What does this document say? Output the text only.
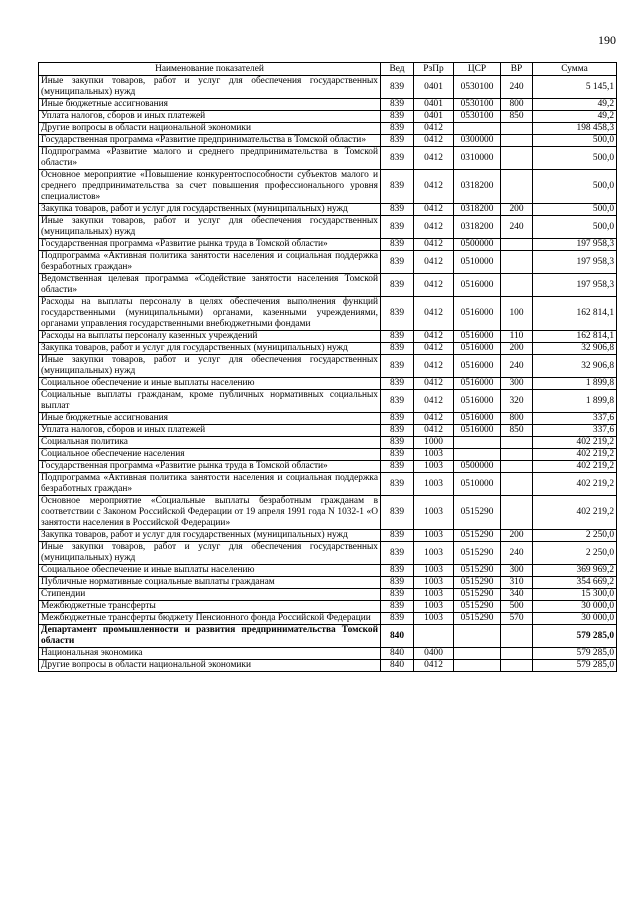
190
Наименование показателей	Вед	РзПр	ЦСР	ВР	Сумма
Иные закупки товаров, работ и услуг для обеспечения государственных (муниципальных) нужд	839	0401	0530100	240	5 145,1
Иные бюджетные ассигнования	839	0401	0530100	800	49,2
Уплата налогов, сборов и иных платежей	839	0401	0530100	850	49,2
Другие вопросы в области национальной экономики	839	0412			198 458,3
Государственная программа «Развитие предпринимательства в Томской области»	839	0412	0300000		500,0
Подпрограмма «Развитие малого и среднего предпринимательства в Томской области»	839	0412	0310000		500,0
Основное мероприятие «Повышение конкурентоспособности субъектов малого и среднего предпринимательства за счет повышения профессионального уровня специалистов»	839	0412	0318200		500,0
Закупка товаров, работ и услуг для государственных (муниципальных) нужд	839	0412	0318200	200	500,0
Иные закупки товаров, работ и услуг для обеспечения государственных (муниципальных) нужд	839	0412	0318200	240	500,0
Государственная программа «Развитие рынка труда в Томской области»	839	0412	0500000		197 958,3
Подпрограмма «Активная политика занятости населения и социальная поддержка безработных граждан»	839	0412	0510000		197 958,3
Ведомственная целевая программа «Содействие занятости населения Томской области»	839	0412	0516000		197 958,3
Расходы на выплаты персоналу в целях обеспечения выполнения функций государственными (муниципальными) органами, казенными учреждениями, органами управления государственными внебюджетными фондами	839	0412	0516000	100	162 814,1
Расходы на выплаты персоналу казенных учреждений	839	0412	0516000	110	162 814,1
Закупка товаров, работ и услуг для государственных (муниципальных) нужд	839	0412	0516000	200	32 906,8
Иные закупки товаров, работ и услуг для обеспечения государственных (муниципальных) нужд	839	0412	0516000	240	32 906,8
Социальное обеспечение и иные выплаты населению	839	0412	0516000	300	1 899,8
Социальные выплаты гражданам, кроме публичных нормативных социальных выплат	839	0412	0516000	320	1 899,8
Иные бюджетные ассигнования	839	0412	0516000	800	337,6
Уплата налогов, сборов и иных платежей	839	0412	0516000	850	337,6
Социальная политика	839	1000			402 219,2
Социальное обеспечение населения	839	1003			402 219,2
Государственная программа «Развитие рынка труда в Томской области»	839	1003	0500000		402 219,2
Подпрограмма «Активная политика занятости населения и социальная поддержка безработных граждан»	839	1003	0510000		402 219,2
Основное мероприятие «Социальные выплаты безработным гражданам в соответствии с Законом Российской Федерации от 19 апреля 1991 года N 1032-1 «О занятости населения в Российской Федерации»	839	1003	0515290		402 219,2
Закупка товаров, работ и услуг для государственных (муниципальных) нужд	839	1003	0515290	200	2 250,0
Иные закупки товаров, работ и услуг для обеспечения государственных (муниципальных) нужд	839	1003	0515290	240	2 250,0
Социальное обеспечение и иные выплаты населению	839	1003	0515290	300	369 969,2
Публичные нормативные социальные выплаты гражданам	839	1003	0515290	310	354 669,2
Стипендии	839	1003	0515290	340	15 300,0
Межбюджетные трансферты	839	1003	0515290	500	30 000,0
Межбюджетные трансферты бюджету Пенсионного фонда Российской Федерации	839	1003	0515290	570	30 000,0
Департамент промышленности и развития предпринимательства Томской области	840				579 285,0
Национальная экономика	840	0400			579 285,0
Другие вопросы в области национальной экономики	840	0412			579 285,0
